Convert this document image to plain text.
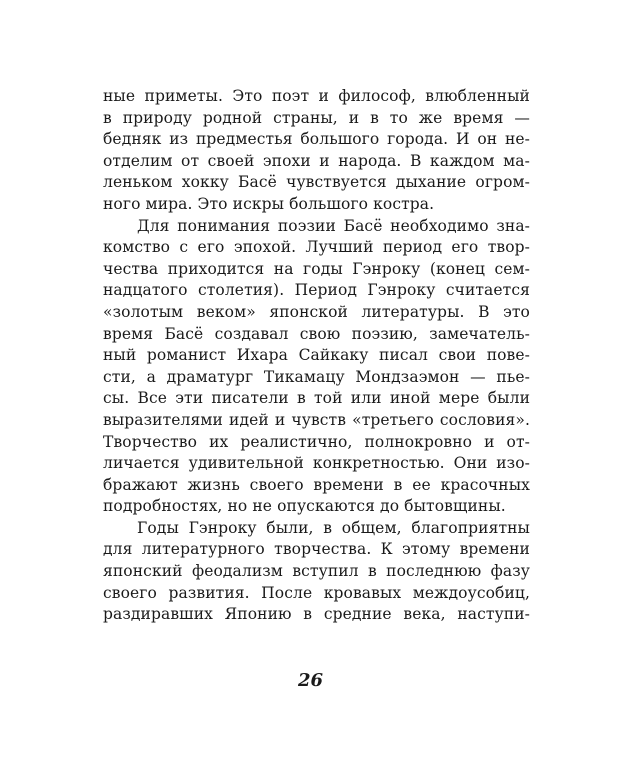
ные приметы. Это поэт и философ, влюбленный
в природу родной страны, и в то же время —
бедняк из предместья большого города. И он не-
отделим от своей эпохи и народа. В каждом ма-
леньком хокку Басё чувствуется дыхание огром-
ного мира. Это искры большого костра.
Для понимания поэзии Басё необходимо зна-
комство с его эпохой. Лучший период его твор-
чества приходится на годы Гэнроку (конец сем-
надцатого столетия). Период Гэнроку считается
«золотым веком» японской литературы. В это
время Басё создавал свою поэзию, замечатель-
ный романист Ихара Сайкаку писал свои пове-
сти, а драматург Тикамацу Мондзаэмон — пье-
сы. Все эти писатели в той или иной мере были
выразителями идей и чувств «третьего сословия».
Творчество их реалистично, полнокровно и от-
личается удивительной конкретностью. Они изо-
бражают жизнь своего времени в ее красочных
подробностях, но не опускаются до бытовщины.
Годы Гэнроку были, в общем, благоприятны
для литературного творчества. К этому времени
японский феодализм вступил в последнюю фазу
своего развития. После кровавых междоусобиц,
раздиравших Японию в средние века, наступи-
26
